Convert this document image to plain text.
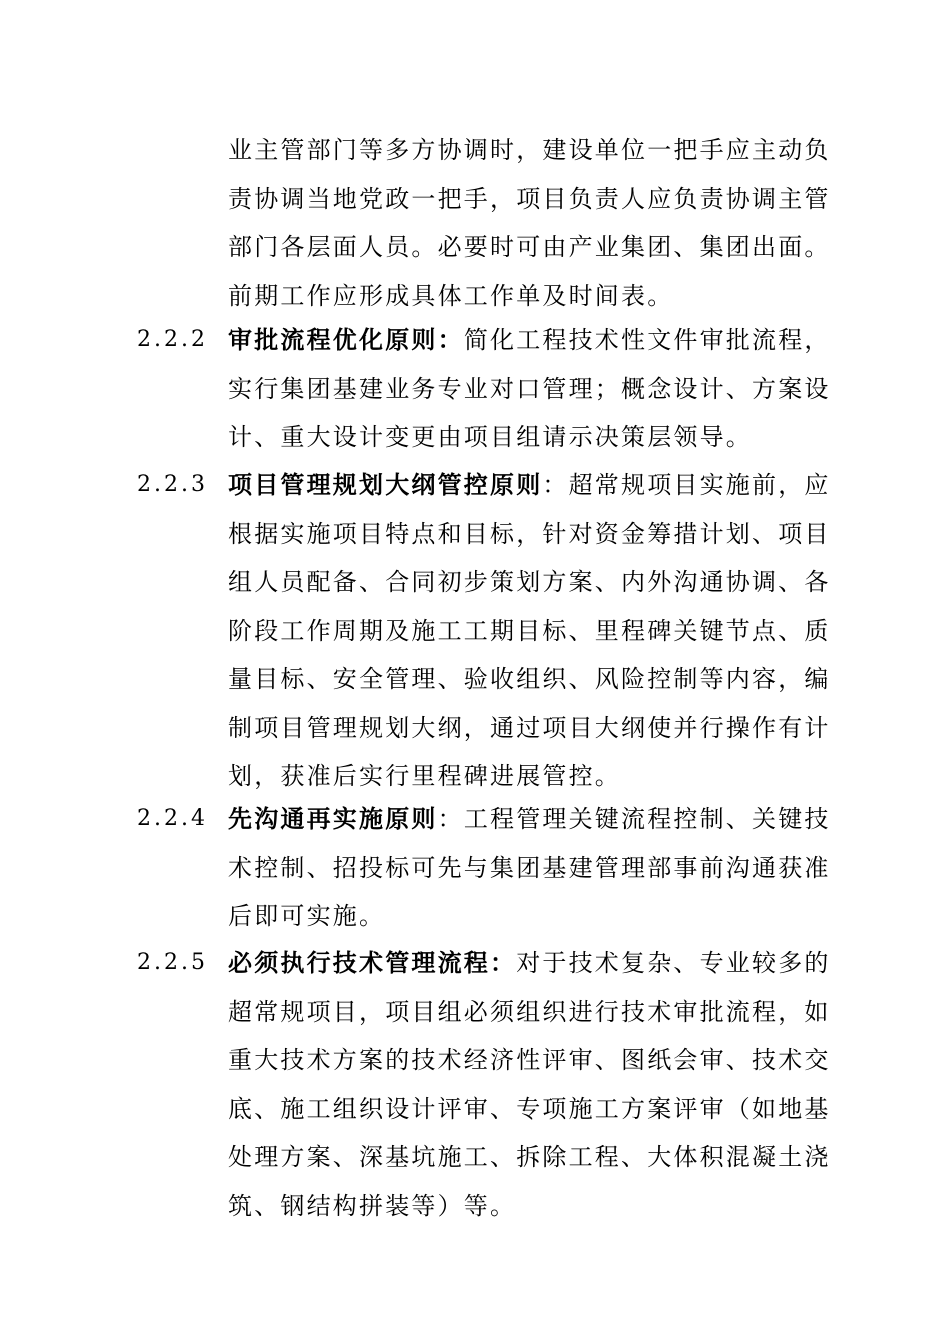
业主管部门等多方协调时，建设单位一把手应主动负
责协调当地党政一把手，项目负责人应负责协调主管
部门各层面人员。必要时可由产业集团、集团出面。
前期工作应形成具体工作单及时间表。
2.2.2 审批流程优化原则：简化工程技术性文件审批流程，
实行集团基建业务专业对口管理；概念设计、方案设
计、重大设计变更由项目组请示决策层领导。
2.2.3 项目管理规划大纲管控原则：超常规项目实施前，应
根据实施项目特点和目标，针对资金筹措计划、项目
组人员配备、合同初步策划方案、内外沟通协调、各
阶段工作周期及施工工期目标、里程碑关键节点、质
量目标、安全管理、验收组织、风险控制等内容，编
制项目管理规划大纲，通过项目大纲使并行操作有计
划，获准后实行里程碑进展管控。
2.2.4 先沟通再实施原则：工程管理关键流程控制、关键技
术控制、招投标可先与集团基建管理部事前沟通获准
后即可实施。
2.2.5 必须执行技术管理流程：对于技术复杂、专业较多的
超常规项目，项目组必须组织进行技术审批流程，如
重大技术方案的技术经济性评审、图纸会审、技术交
底、施工组织设计评审、专项施工方案评审（如地基
处理方案、深基坑施工、拆除工程、大体积混凝土浇
筑、钢结构拼装等）等。
